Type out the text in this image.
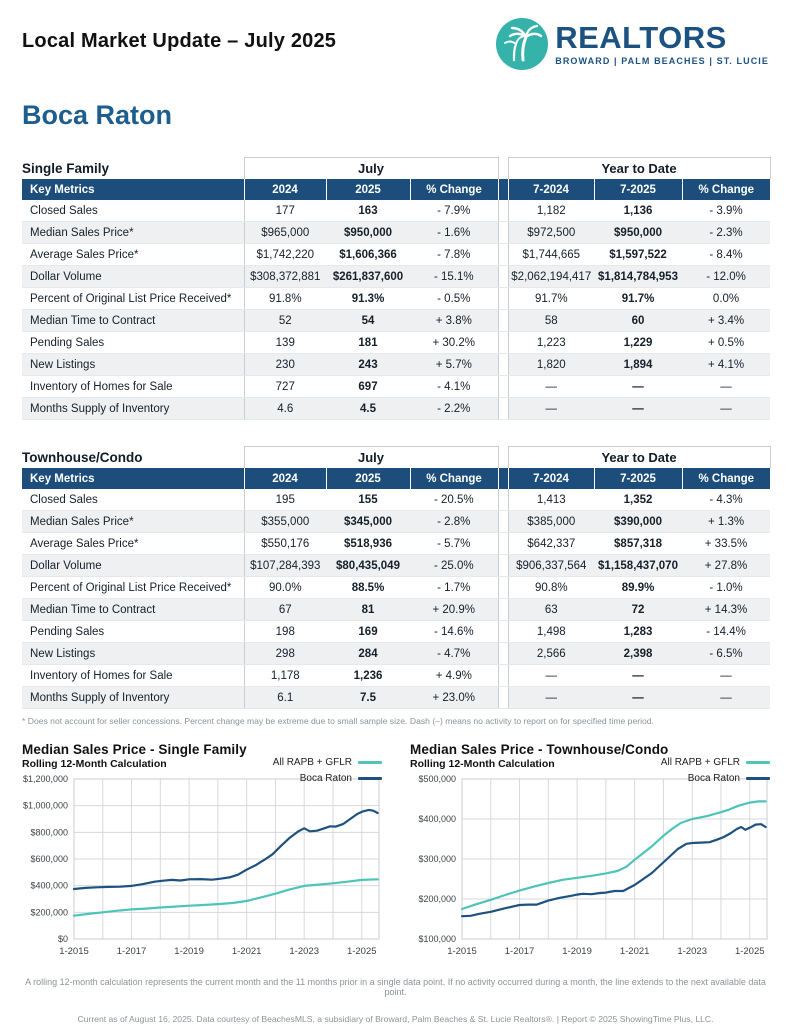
Local Market Update – July 2025	REALTORS
BROWARD | PALM BEACHES | ST. LUCIE
Boca Raton
Single Family	July				Year to Date		
Key Metrics	2024	2025	% Change		7-2024	7-2025	% Change
Closed Sales	177	163	- 7.9%		1,182	1,136	- 3.9%
Median Sales Price*	$965,000	$950,000	- 1.6%		$972,500	$950,000	- 2.3%
Average Sales Price*	$1,742,220	$1,606,366	- 7.8%		$1,744,665	$1,597,522	- 8.4%
Dollar Volume	$308,372,881	$261,837,600	- 15.1%		$2,062,194,417	$1,814,784,953	- 12.0%
Percent of Original List Price Received*	91.8%	91.3%	- 0.5%		91.7%	91.7%	0.0%
Median Time to Contract	52	54	+ 3.8%		58	60	+ 3.4%
Pending Sales	139	181	+ 30.2%		1,223	1,229	+ 0.5%
New Listings	230	243	+ 5.7%		1,820	1,894	+ 4.1%
Inventory of Homes for Sale	727	697	- 4.1%		—	—	—
Months Supply of Inventory	4.6	4.5	- 2.2%		—	—	—
Townhouse/Condo	July				Year to Date		
Key Metrics	2024	2025	% Change		7-2024	7-2025	% Change
Closed Sales	195	155	- 20.5%		1,413	1,352	- 4.3%
Median Sales Price*	$355,000	$345,000	- 2.8%		$385,000	$390,000	+ 1.3%
Average Sales Price*	$550,176	$518,936	- 5.7%		$642,337	$857,318	+ 33.5%
Dollar Volume	$107,284,393	$80,435,049	- 25.0%		$906,337,564	$1,158,437,070	+ 27.8%
Percent of Original List Price Received*	90.0%	88.5%	- 1.7%		90.8%	89.9%	- 1.0%
Median Time to Contract	67	81	+ 20.9%		63	72	+ 14.3%
Pending Sales	198	169	- 14.6%		1,498	1,283	- 14.4%
New Listings	298	284	- 4.7%		2,566	2,398	- 6.5%
Inventory of Homes for Sale	1,178	1,236	+ 4.9%		—	—	—
Months Supply of Inventory	6.1	7.5	+ 23.0%		—	—	—
* Does not account for seller concessions. Percent change may be extreme due to small sample size. Dash (–) means no activity to report on for specified time period.
Median Sales Price - Single Family
Rolling 12-Month Calculation	All RAPB + GFLR
Boca Raton
$0
$200,000
$400,000
$600,000
$800,000
$1,000,000
$1,200,000
1-2015	1-2017	1-2019	1-2021	1-2023	1-2025
Median Sales Price - Townhouse/Condo
Rolling 12-Month Calculation	All RAPB + GFLR
Boca Raton
$100,000
$200,000
$300,000
$400,000
$500,000
1-2015	1-2017	1-2019	1-2021	1-2023	1-2025
A rolling 12-month calculation represents the current month and the 11 months prior in a single data point. If no activity occurred during a month, the line extends to the next available data point.
Current as of August 16, 2025. Data courtesy of BeachesMLS, a subsidiary of Broward, Palm Beaches & St. Lucie Realtors®. | Report © 2025 ShowingTime Plus, LLC.
